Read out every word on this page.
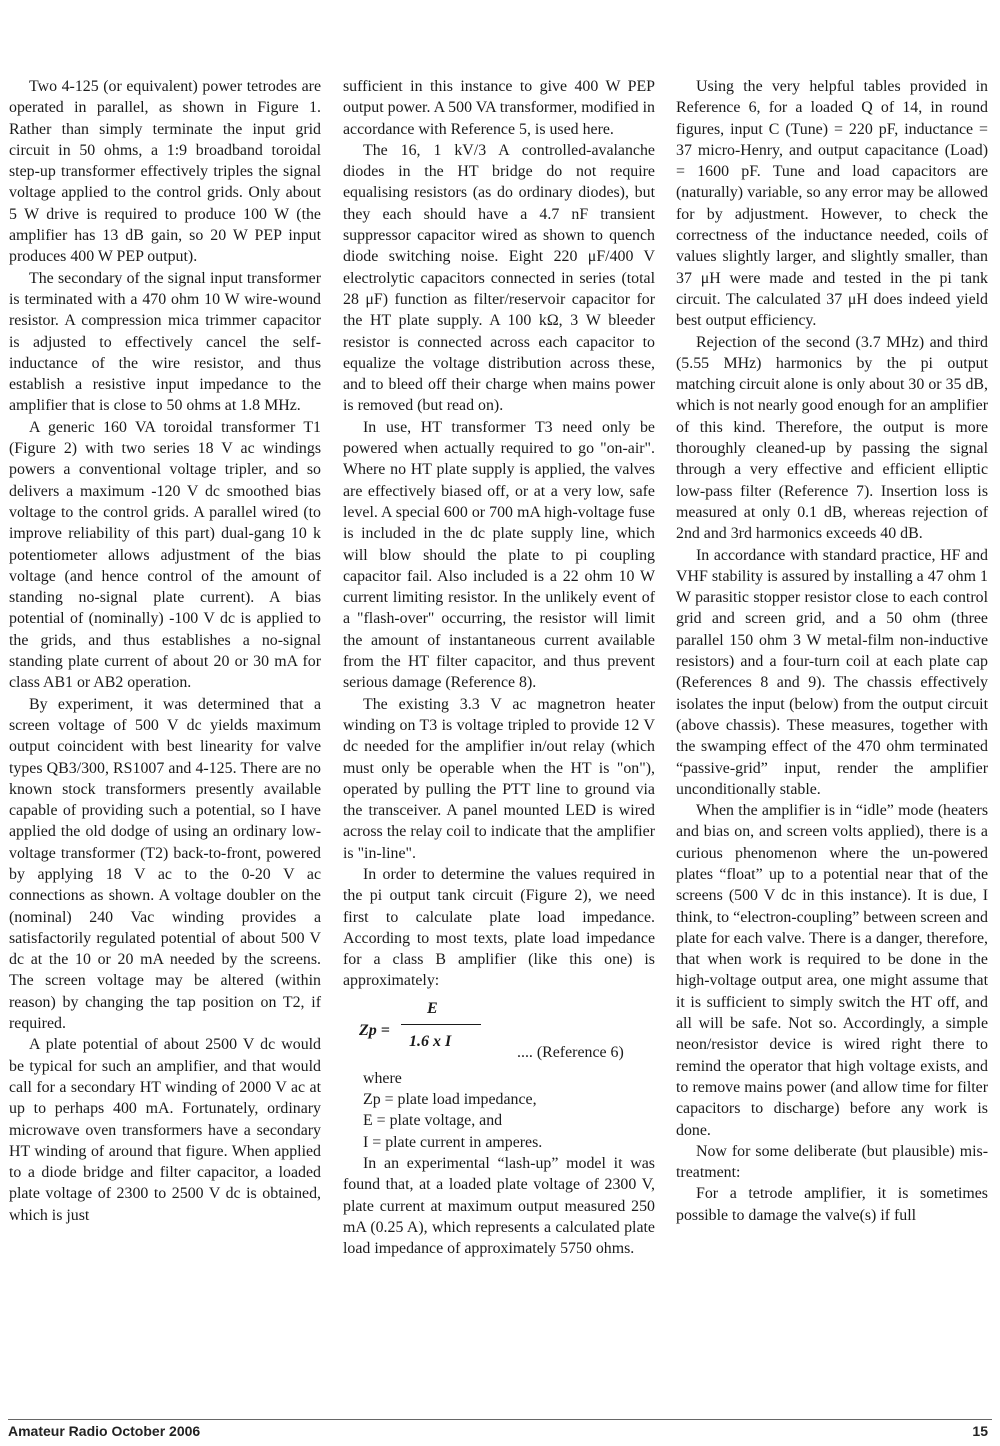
Two 4-125 (or equivalent) power tetrodes are operated in parallel, as shown in Figure 1. Rather than simply terminate the input grid circuit in 50 ohms, a 1:9 broadband toroidal step-up transformer effectively triples the signal voltage applied to the control grids. Only about 5 W drive is required to produce 100 W (the amplifier has 13 dB gain, so 20 W PEP input produces 400 W PEP output).

The secondary of the signal input transformer is terminated with a 470 ohm 10 W wire-wound resistor. A compression mica trimmer capacitor is adjusted to effectively cancel the self-inductance of the wire resistor, and thus establish a resistive input impedance to the amplifier that is close to 50 ohms at 1.8 MHz.

A generic 160 VA toroidal transformer T1 (Figure 2) with two series 18 V ac windings powers a conventional voltage tripler, and so delivers a maximum -120 V dc smoothed bias voltage to the control grids. A parallel wired (to improve reliability of this part) dual-gang 10 k potentiometer allows adjustment of the bias voltage (and hence control of the amount of standing no-signal plate current). A bias potential of (nominally) -100 V dc is applied to the grids, and thus establishes a no-signal standing plate current of about 20 or 30 mA for class AB1 or AB2 operation.

By experiment, it was determined that a screen voltage of 500 V dc yields maximum output coincident with best linearity for valve types QB3/300, RS1007 and 4-125. There are no known stock transformers presently available capable of providing such a potential, so I have applied the old dodge of using an ordinary low-voltage transformer (T2) back-to-front, powered by applying 18 V ac to the 0-20 V ac connections as shown. A voltage doubler on the (nominal) 240 Vac winding provides a satisfactorily regulated potential of about 500 V dc at the 10 or 20 mA needed by the screens. The screen voltage may be altered (within reason) by changing the tap position on T2, if required.

A plate potential of about 2500 V dc would be typical for such an amplifier, and that would call for a secondary HT winding of 2000 V ac at up to perhaps 400 mA. Fortunately, ordinary microwave oven transformers have a secondary HT winding of around that figure. When applied to a diode bridge and filter capacitor, a loaded plate voltage of 2300 to 2500 V dc is obtained, which is just

sufficient in this instance to give 400 W PEP output power. A 500 VA transformer, modified in accordance with Reference 5, is used here.

The 16, 1 kV/3 A controlled-avalanche diodes in the HT bridge do not require equalising resistors (as do ordinary diodes), but they each should have a 4.7 nF transient suppressor capacitor wired as shown to quench diode switching noise. Eight 220 μF/400 V electrolytic capacitors connected in series (total 28 μF) function as filter/reservoir capacitor for the HT plate supply. A 100 kΩ, 3 W bleeder resistor is connected across each capacitor to equalize the voltage distribution across these, and to bleed off their charge when mains power is removed (but read on).

In use, HT transformer T3 need only be powered when actually required to go "on-air". Where no HT plate supply is applied, the valves are effectively biased off, or at a very low, safe level. A special 600 or 700 mA high-voltage fuse is included in the dc plate supply line, which will blow should the plate to pi coupling capacitor fail. Also included is a 22 ohm 10 W current limiting resistor. In the unlikely event of a "flash-over" occurring, the resistor will limit the amount of instantaneous current available from the HT filter capacitor, and thus prevent serious damage (Reference 8).

The existing 3.3 V ac magnetron heater winding on T3 is voltage tripled to provide 12 V dc needed for the amplifier in/out relay (which must only be operable when the HT is "on"), operated by pulling the PTT line to ground via the transceiver. A panel mounted LED is wired across the relay coil to indicate that the amplifier is "in-line".

In order to determine the values required in the pi output tank circuit (Figure 2), we need first to calculate plate load impedance. According to most texts, plate load impedance for a class B amplifier (like this one) is approximately:

Zp =
E
1.6 x I
.... (Reference 6)

where

Zp = plate load impedance,

E = plate voltage, and

I = plate current in amperes.

In an experimental “lash-up” model it was found that, at a loaded plate voltage of 2300 V, plate current at maximum output measured 250 mA (0.25 A), which represents a calculated plate load impedance of approximately 5750 ohms.

Using the very helpful tables provided in Reference 6, for a loaded Q of 14, in round figures, input C (Tune) = 220 pF, inductance = 37 micro-Henry, and output capacitance (Load) = 1600 pF. Tune and load capacitors are (naturally) variable, so any error may be allowed for by adjustment. However, to check the correctness of the inductance needed, coils of values slightly larger, and slightly smaller, than 37 μH were made and tested in the pi tank circuit. The calculated 37 μH does indeed yield best output efficiency.

Rejection of the second (3.7 MHz) and third (5.55 MHz) harmonics by the pi output matching circuit alone is only about 30 or 35 dB, which is not nearly good enough for an amplifier of this kind. Therefore, the output is more thoroughly cleaned-up by passing the signal through a very effective and efficient elliptic low-pass filter (Reference 7). Insertion loss is measured at only 0.1 dB, whereas rejection of 2nd and 3rd harmonics exceeds 40 dB.

In accordance with standard practice, HF and VHF stability is assured by installing a 47 ohm 1 W parasitic stopper resistor close to each control grid and screen grid, and a 50 ohm (three parallel 150 ohm 3 W metal-film non-inductive resistors) and a four-turn coil at each plate cap (References 8 and 9). The chassis effectively isolates the input (below) from the output circuit (above chassis). These measures, together with the swamping effect of the 470 ohm terminated “passive-grid” input, render the amplifier unconditionally stable.

When the amplifier is in “idle” mode (heaters and bias on, and screen volts applied), there is a curious phenomenon where the un-powered plates “float” up to a potential near that of the screens (500 V dc in this instance). It is due, I think, to “electron-coupling” between screen and plate for each valve. There is a danger, therefore, that when work is required to be done in the high-voltage output area, one might assume that it is sufficient to simply switch the HT off, and all will be safe. Not so. Accordingly, a simple neon/resistor device is wired right there to remind the operator that high voltage exists, and to remove mains power (and allow time for filter capacitors to discharge) before any work is done.

Now for some deliberate (but plausible) mis-treatment:

For a tetrode amplifier, it is sometimes possible to damage the valve(s) if full

Amateur Radio October 2006	15
